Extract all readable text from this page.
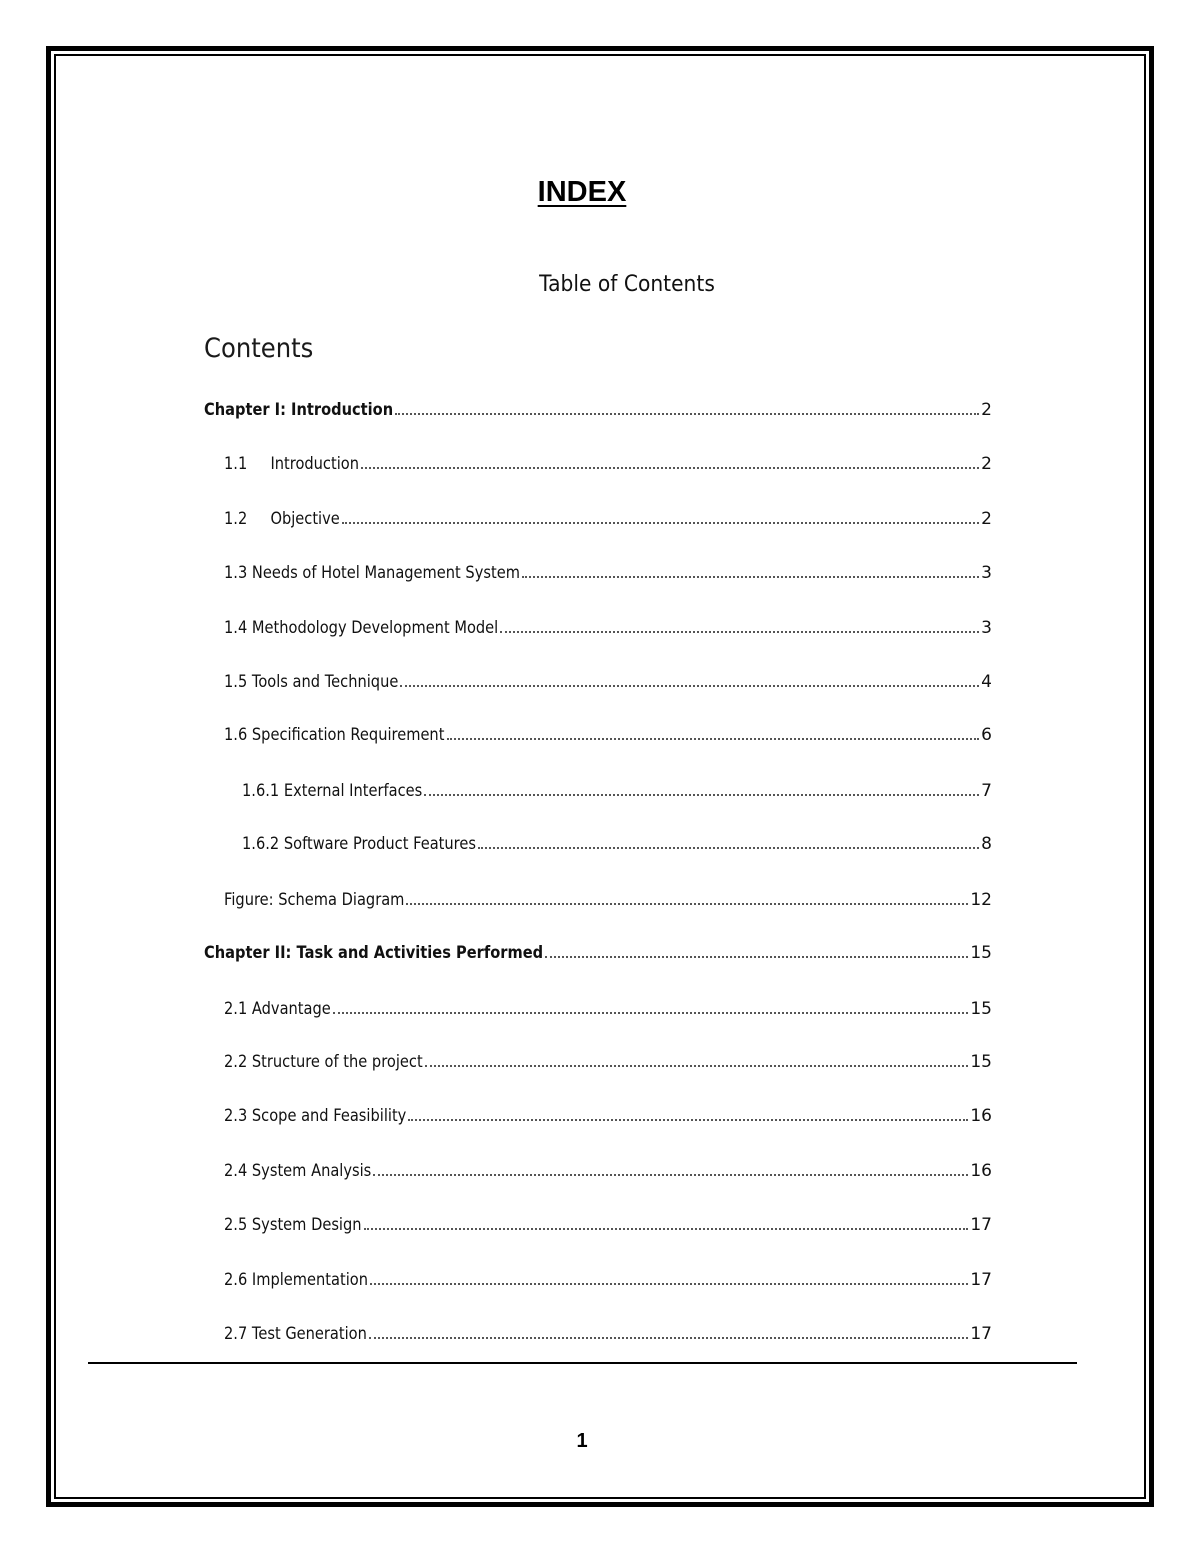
INDEX
Table of Contents
Contents
Chapter I: Introduction	2
1.1	Introduction	2
1.2	Objective	2
1.3 Needs of Hotel Management System	3
1.4 Methodology Development Model	3
1.5 Tools and Technique	4
1.6 Specification Requirement	6
1.6.1 External Interfaces	7
1.6.2 Software Product Features	8
Figure: Schema Diagram	12
Chapter II: Task and Activities Performed	15
2.1 Advantage	15
2.2 Structure of the project	15
2.3 Scope and Feasibility	16
2.4 System Analysis	16
2.5 System Design	17
2.6 Implementation	17
2.7 Test Generation	17
1
